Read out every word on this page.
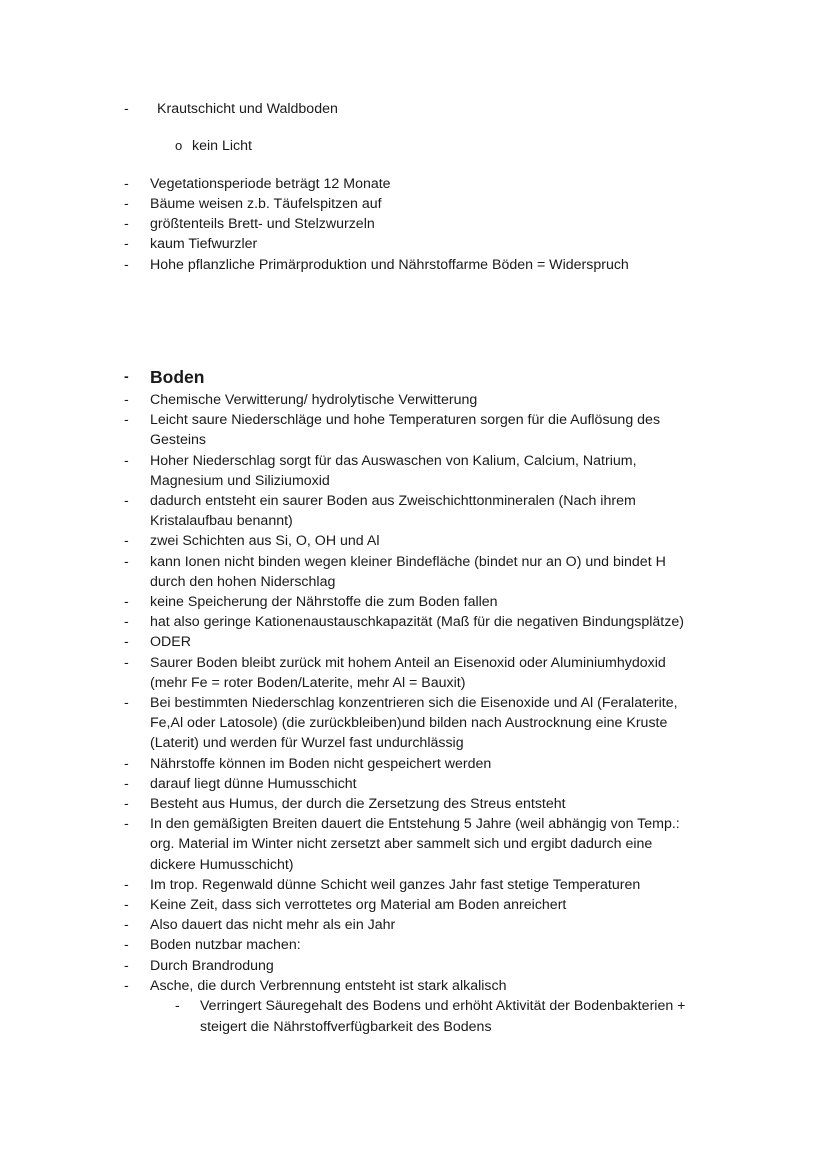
- Krautschicht und Waldboden
o kein Licht
- Vegetationsperiode beträgt 12 Monate
- Bäume weisen z.b. Täufelspitzen auf
- größtenteils Brett- und Stelzwurzeln
- kaum Tiefwurzler
- Hohe pflanzliche Primärproduktion und Nährstoffarme Böden = Widerspruch
- Boden
- Chemische Verwitterung/ hydrolytische Verwitterung
- Leicht saure Niederschläge und hohe Temperaturen sorgen für die Auflösung des
Gesteins
- Hoher Niederschlag sorgt für das Auswaschen von Kalium, Calcium, Natrium,
Magnesium und Siliziumoxid
- dadurch entsteht ein saurer Boden aus Zweischichttonmineralen (Nach ihrem
Kristalaufbau benannt)
- zwei Schichten aus Si, O, OH und Al
- kann Ionen nicht binden wegen kleiner Bindefläche (bindet nur an O) und bindet H
durch den hohen Niderschlag
- keine Speicherung der Nährstoffe die zum Boden fallen
- hat also geringe Kationenaustauschkapazität (Maß für die negativen Bindungsplätze)
- ODER
- Saurer Boden bleibt zurück mit hohem Anteil an Eisenoxid oder Aluminiumhydoxid
(mehr Fe = roter Boden/Laterite, mehr Al = Bauxit)
- Bei bestimmten Niederschlag konzentrieren sich die Eisenoxide und Al (Feralaterite,
Fe,Al oder Latosole) (die zurückbleiben)und bilden nach Austrocknung eine Kruste
(Laterit) und werden für Wurzel fast undurchlässig
- Nährstoffe können im Boden nicht gespeichert werden
- darauf liegt dünne Humusschicht
- Besteht aus Humus, der durch die Zersetzung des Streus entsteht
- In den gemäßigten Breiten dauert die Entstehung 5 Jahre (weil abhängig von Temp.:
org. Material im Winter nicht zersetzt aber sammelt sich und ergibt dadurch eine
dickere Humusschicht)
- Im trop. Regenwald dünne Schicht weil ganzes Jahr fast stetige Temperaturen
- Keine Zeit, dass sich verrottetes org Material am Boden anreichert
- Also dauert das nicht mehr als ein Jahr
- Boden nutzbar machen:
- Durch Brandrodung
- Asche, die durch Verbrennung entsteht ist stark alkalisch
- Verringert Säuregehalt des Bodens und erhöht Aktivität der Bodenbakterien +
steigert die Nährstoffverfügbarkeit des Bodens
